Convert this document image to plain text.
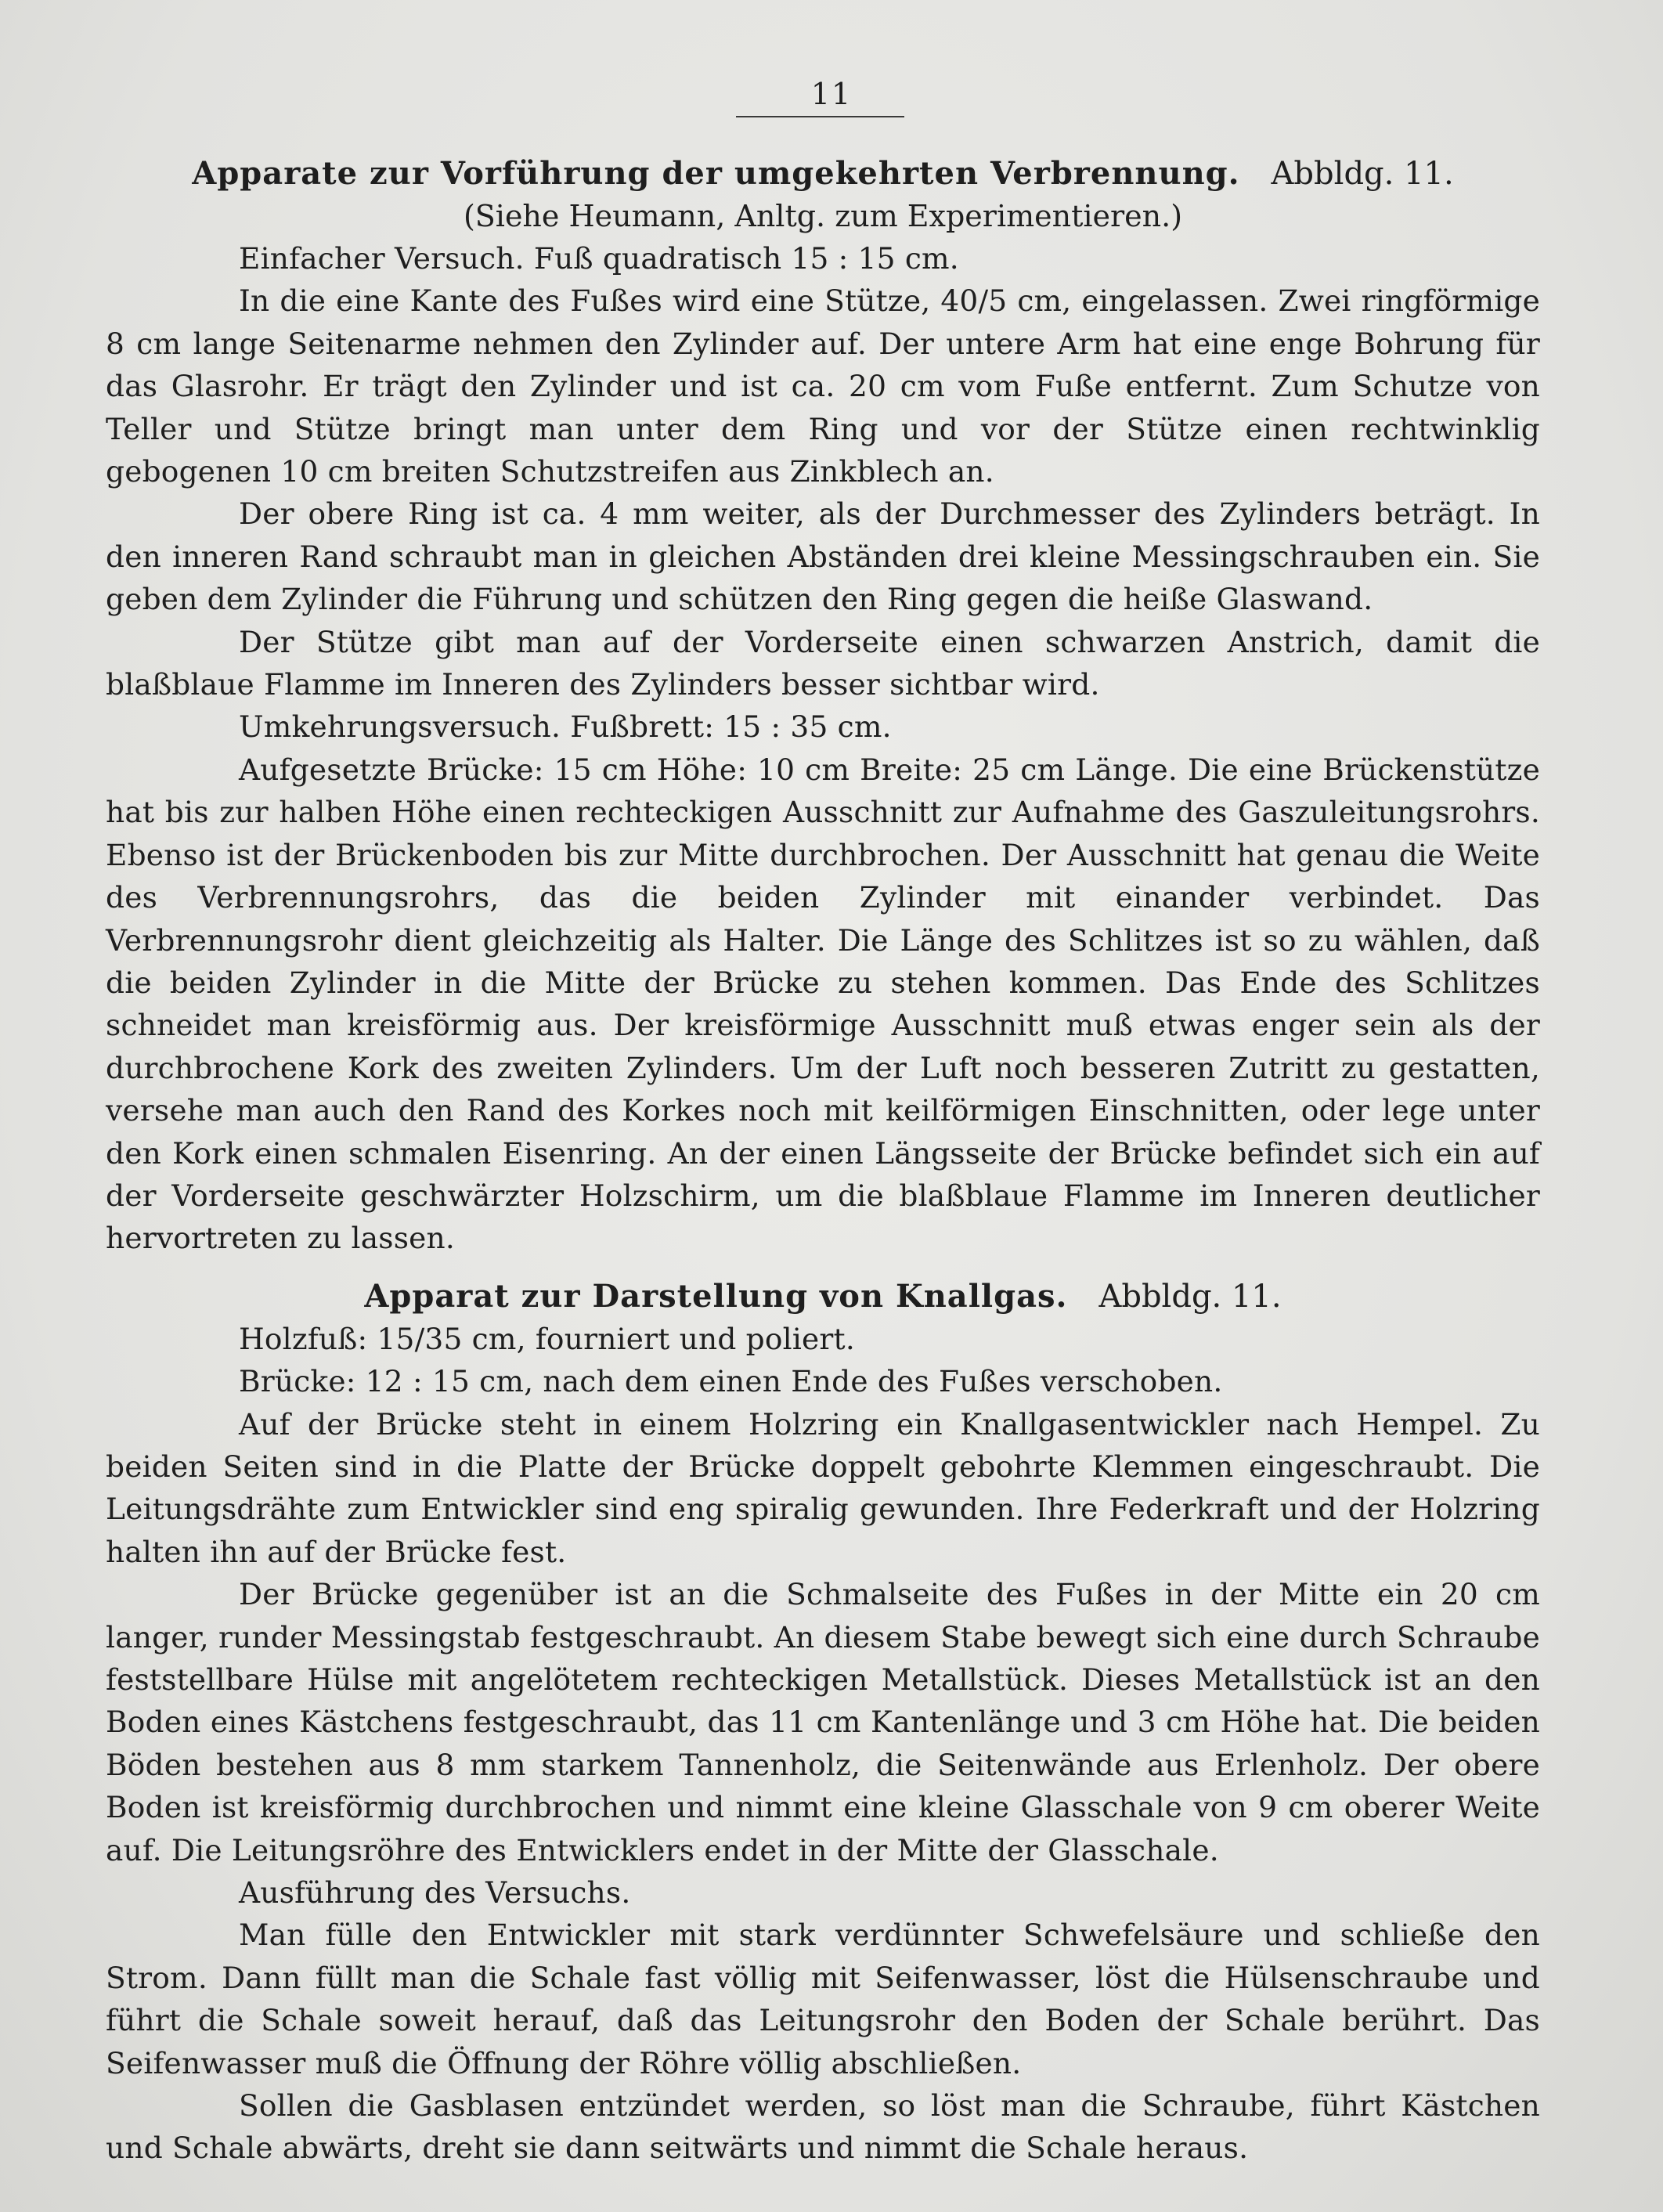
11
Apparate zur Vorführung der umgekehrten Verbrennung. Abbldg. 11.
(Siehe Heumann, Anltg. zum Experimentieren.)

Einfacher Versuch. Fuß quadratisch 15 : 15 cm.

In die eine Kante des Fußes wird eine Stütze, 40/5 cm, eingelassen. Zwei ringförmige 8 cm lange Seitenarme nehmen den Zylinder auf. Der untere Arm hat eine enge Bohrung für das Glasrohr. Er trägt den Zylinder und ist ca. 20 cm vom Fuße entfernt. Zum Schutze von Teller und Stütze bringt man unter dem Ring und vor der Stütze einen rechtwinklig gebogenen 10 cm breiten Schutzstreifen aus Zinkblech an.

Der obere Ring ist ca. 4 mm weiter, als der Durchmesser des Zylinders beträgt. In den inneren Rand schraubt man in gleichen Abständen drei kleine Messingschrauben ein. Sie geben dem Zylinder die Führung und schützen den Ring gegen die heiße Glaswand.

Der Stütze gibt man auf der Vorderseite einen schwarzen Anstrich, damit die blaßblaue Flamme im Inneren des Zylinders besser sichtbar wird.

Umkehrungsversuch. Fußbrett: 15 : 35 cm.

Aufgesetzte Brücke: 15 cm Höhe: 10 cm Breite: 25 cm Länge. Die eine Brückenstütze hat bis zur halben Höhe einen rechteckigen Ausschnitt zur Aufnahme des Gaszuleitungsrohrs. Ebenso ist der Brückenboden bis zur Mitte durchbrochen. Der Ausschnitt hat genau die Weite des Verbrennungsrohrs, das die beiden Zylinder mit einander verbindet. Das Verbrennungsrohr dient gleichzeitig als Halter. Die Länge des Schlitzes ist so zu wählen, daß die beiden Zylinder in die Mitte der Brücke zu stehen kommen. Das Ende des Schlitzes schneidet man kreisförmig aus. Der kreisförmige Ausschnitt muß etwas enger sein als der durchbrochene Kork des zweiten Zylinders. Um der Luft noch besseren Zutritt zu gestatten, versehe man auch den Rand des Korkes noch mit keilförmigen Einschnitten, oder lege unter den Kork einen schmalen Eisenring. An der einen Längsseite der Brücke befindet sich ein auf der Vorderseite geschwärzter Holzschirm, um die blaßblaue Flamme im Inneren deutlicher hervortreten zu lassen.

Apparat zur Darstellung von Knallgas. Abbldg. 11.

Holzfuß: 15/35 cm, fourniert und poliert.

Brücke: 12 : 15 cm, nach dem einen Ende des Fußes verschoben.

Auf der Brücke steht in einem Holzring ein Knallgasentwickler nach Hempel. Zu beiden Seiten sind in die Platte der Brücke doppelt gebohrte Klemmen eingeschraubt. Die Leitungsdrähte zum Entwickler sind eng spiralig gewunden. Ihre Federkraft und der Holzring halten ihn auf der Brücke fest.

Der Brücke gegenüber ist an die Schmalseite des Fußes in der Mitte ein 20 cm langer, runder Messingstab festgeschraubt. An diesem Stabe bewegt sich eine durch Schraube feststellbare Hülse mit angelötetem rechteckigen Metallstück. Dieses Metallstück ist an den Boden eines Kästchens festgeschraubt, das 11 cm Kantenlänge und 3 cm Höhe hat. Die beiden Böden bestehen aus 8 mm starkem Tannenholz, die Seitenwände aus Erlenholz. Der obere Boden ist kreisförmig durchbrochen und nimmt eine kleine Glasschale von 9 cm oberer Weite auf. Die Leitungsröhre des Entwicklers endet in der Mitte der Glasschale.

Ausführung des Versuchs.

Man fülle den Entwickler mit stark verdünnter Schwefelsäure und schließe den Strom. Dann füllt man die Schale fast völlig mit Seifenwasser, löst die Hülsenschraube und führt die Schale soweit herauf, daß das Leitungsrohr den Boden der Schale berührt. Das Seifenwasser muß die Öffnung der Röhre völlig abschließen.

Sollen die Gasblasen entzündet werden, so löst man die Schraube, führt Kästchen und Schale abwärts, dreht sie dann seitwärts und nimmt die Schale heraus.
